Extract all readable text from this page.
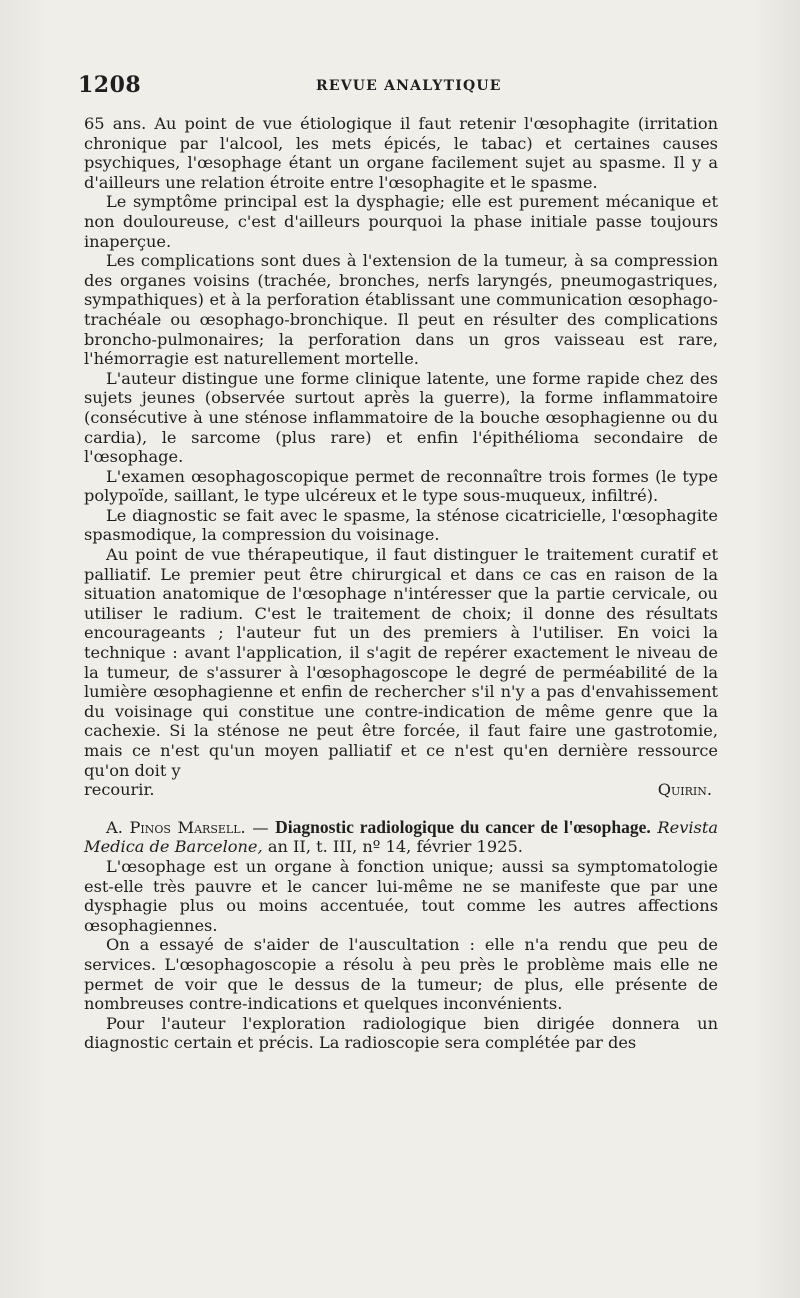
1208	REVUE ANALYTIQUE

65 ans. Au point de vue étiologique il faut retenir l'œsophagite (irritation chronique par l'alcool, les mets épicés, le tabac) et certaines causes psychiques, l'œsophage étant un organe facilement sujet au spasme. Il y a d'ailleurs une relation étroite entre l'œsophagite et le spasme.

Le symptôme principal est la dysphagie; elle est purement mécanique et non douloureuse, c'est d'ailleurs pourquoi la phase initiale passe toujours inaperçue.

Les complications sont dues à l'extension de la tumeur, à sa compression des organes voisins (trachée, bronches, nerfs laryngés, pneumogastriques, sympathiques) et à la perforation établissant une communication œsophago-trachéale ou œsophago-bronchique. Il peut en résulter des complications broncho-pulmonaires; la perforation dans un gros vaisseau est rare, l'hémorragie est naturellement mortelle.

L'auteur distingue une forme clinique latente, une forme rapide chez des sujets jeunes (observée surtout après la guerre), la forme inflammatoire (consécutive à une sténose inflammatoire de la bouche œsophagienne ou du cardia), le sarcome (plus rare) et enfin l'épithélioma secondaire de l'œsophage.

L'examen œsophagoscopique permet de reconnaître trois formes (le type polypoïde, saillant, le type ulcéreux et le type sous-muqueux, infiltré).

Le diagnostic se fait avec le spasme, la sténose cicatricielle, l'œsophagite spasmodique, la compression du voisinage.

Au point de vue thérapeutique, il faut distinguer le traitement curatif et palliatif. Le premier peut être chirurgical et dans ce cas en raison de la situation anatomique de l'œsophage n'intéresser que la partie cervicale, ou utiliser le radium. C'est le traitement de choix; il donne des résultats encourageants ; l'auteur fut un des premiers à l'utiliser. En voici la technique : avant l'application, il s'agit de repérer exactement le niveau de la tumeur, de s'assurer à l'œsophagoscope le degré de perméabilité de la lumière œsophagienne et enfin de rechercher s'il n'y a pas d'envahissement du voisinage qui constitue une contre-indication de même genre que la cachexie. Si la sténose ne peut être forcée, il faut faire une gastrotomie, mais ce n'est qu'un moyen palliatif et ce n'est qu'en dernière ressource qu'on doit y

recourir.	Quirin.

A. Pinos Marsell. — Diagnostic radiologique du cancer de l'œsophage. Revista Medica de Barcelone, an II, t. III, nº 14, février 1925.

L'œsophage est un organe à fonction unique; aussi sa symptomatologie est-elle très pauvre et le cancer lui-même ne se manifeste que par une dysphagie plus ou moins accentuée, tout comme les autres affections œsophagiennes.

On a essayé de s'aider de l'auscultation : elle n'a rendu que peu de services. L'œsophagoscopie a résolu à peu près le problème mais elle ne permet de voir que le dessus de la tumeur; de plus, elle présente de nombreuses contre-indications et quelques inconvénients.

Pour l'auteur l'exploration radiologique bien dirigée donnera un diagnostic certain et précis. La radioscopie sera complétée par des
